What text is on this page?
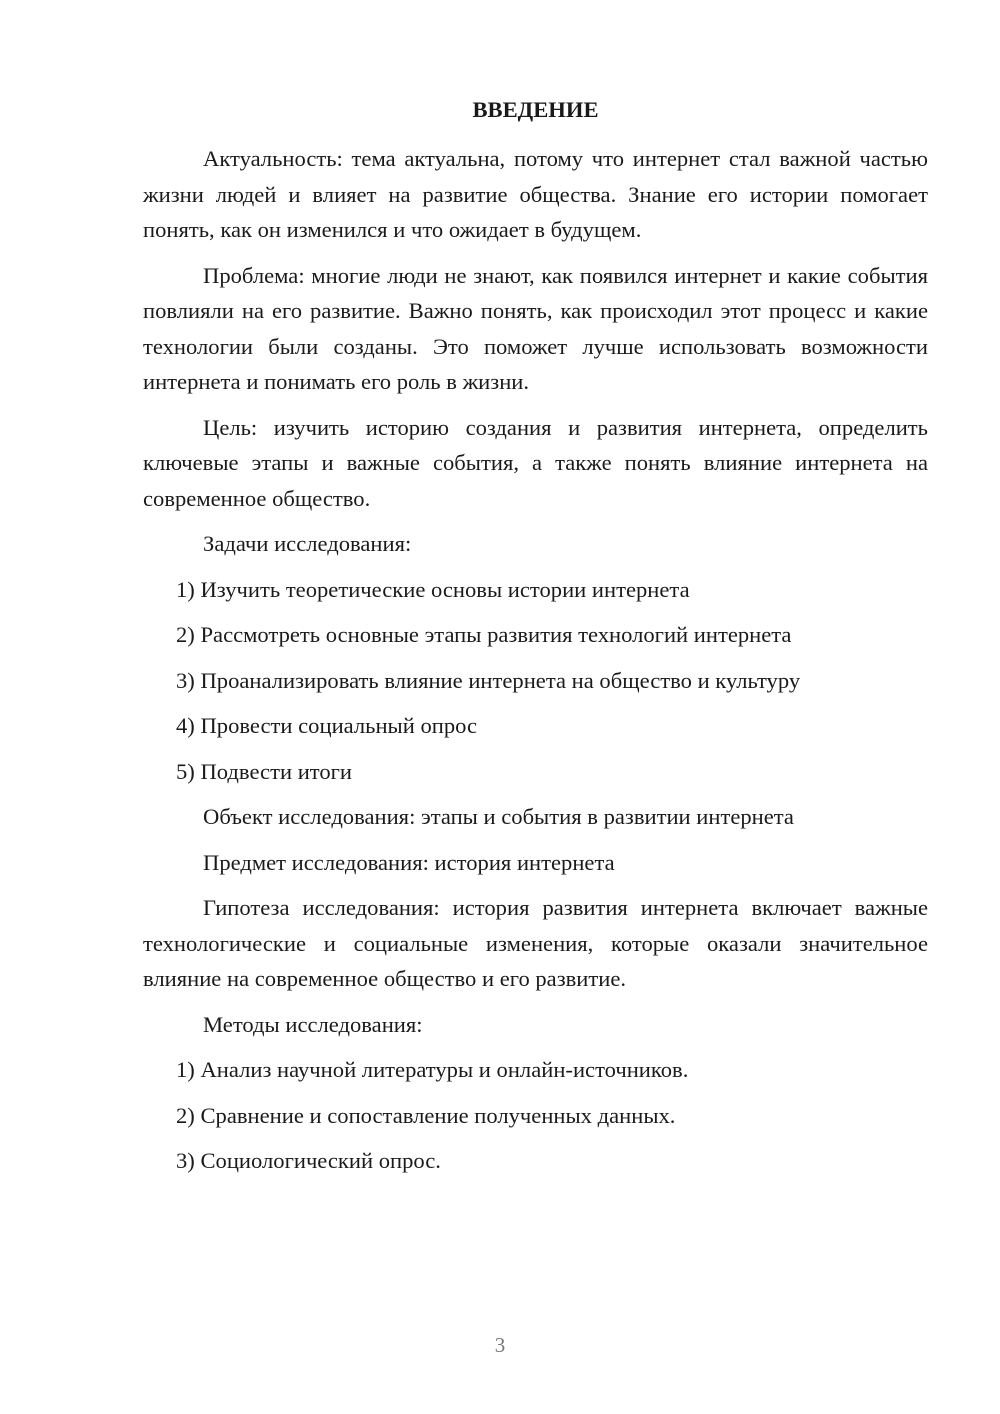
ВВЕДЕНИЕ

Актуальность: тема актуальна, потому что интернет стал важной частью жизни людей и влияет на развитие общества. Знание его истории помогает понять, как он изменился и что ожидает в будущем.

Проблема: многие люди не знают, как появился интернет и какие события повлияли на его развитие. Важно понять, как происходил этот процесс и какие технологии были созданы. Это поможет лучше использовать возможности интернета и понимать его роль в жизни.

Цель: изучить историю создания и развития интернета, определить ключевые этапы и важные события, а также понять влияние интернета на современное общество.

Задачи исследования:
1) Изучить теоретические основы истории интернета
2) Рассмотреть основные этапы развития технологий интернета
3) Проанализировать влияние интернета на общество и культуру
4) Провести социальный опрос
5) Подвести итоги
Объект исследования: этапы и события в развитии интернета
Предмет исследования: история интернета

Гипотеза исследования: история развития интернета включает важные технологические и социальные изменения, которые оказали значительное влияние на современное общество и его развитие.

Методы исследования:
1) Анализ научной литературы и онлайн-источников.
2) Сравнение и сопоставление полученных данных.
3) Социологический опрос.
3
